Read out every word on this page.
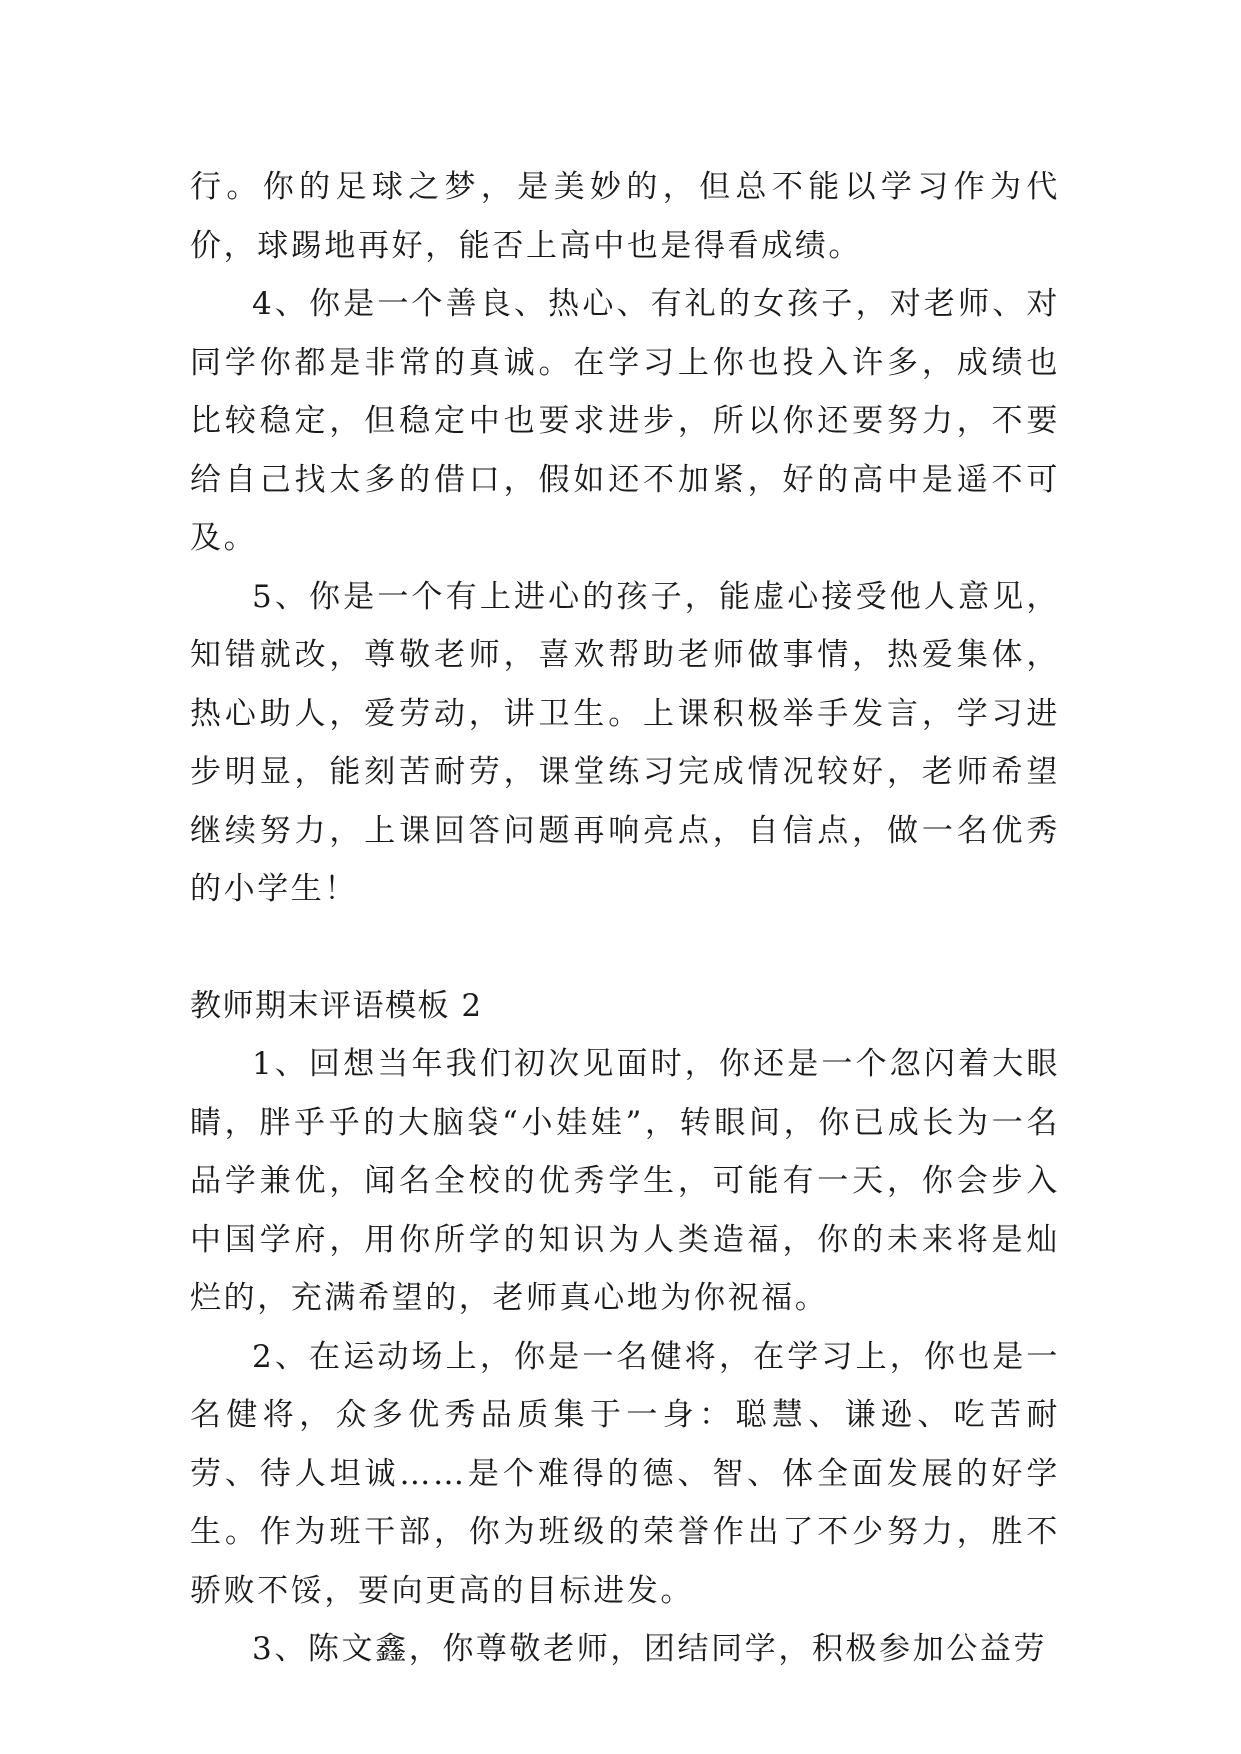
行。你的足球之梦，是美妙的，但总不能以学习作为代价，球踢地再好，能否上高中也是得看成绩。

4、你是一个善良、热心、有礼的女孩子，对老师、对同学你都是非常的真诚。在学习上你也投入许多，成绩也比较稳定，但稳定中也要求进步，所以你还要努力，不要给自己找太多的借口，假如还不加紧，好的高中是遥不可及。

5、你是一个有上进心的孩子，能虚心接受他人意见，知错就改，尊敬老师，喜欢帮助老师做事情，热爱集体，热心助人，爱劳动，讲卫生。上课积极举手发言，学习进步明显，能刻苦耐劳，课堂练习完成情况较好，老师希望继续努力，上课回答问题再响亮点，自信点，做一名优秀的小学生！

教师期末评语模板 2

1、回想当年我们初次见面时，你还是一个忽闪着大眼睛，胖乎乎的大脑袋“小娃娃”，转眼间，你已成长为一名品学兼优，闻名全校的优秀学生，可能有一天，你会步入中国学府，用你所学的知识为人类造福，你的未来将是灿烂的，充满希望的，老师真心地为你祝福。

2、在运动场上，你是一名健将，在学习上，你也是一名健将，众多优秀品质集于一身：聪慧、谦逊、吃苦耐劳、待人坦诚……是个难得的德、智、体全面发展的好学生。作为班干部，你为班级的荣誉作出了不少努力，胜不骄败不馁，要向更高的目标进发。

3、陈文鑫，你尊敬老师，团结同学，积极参加公益劳
